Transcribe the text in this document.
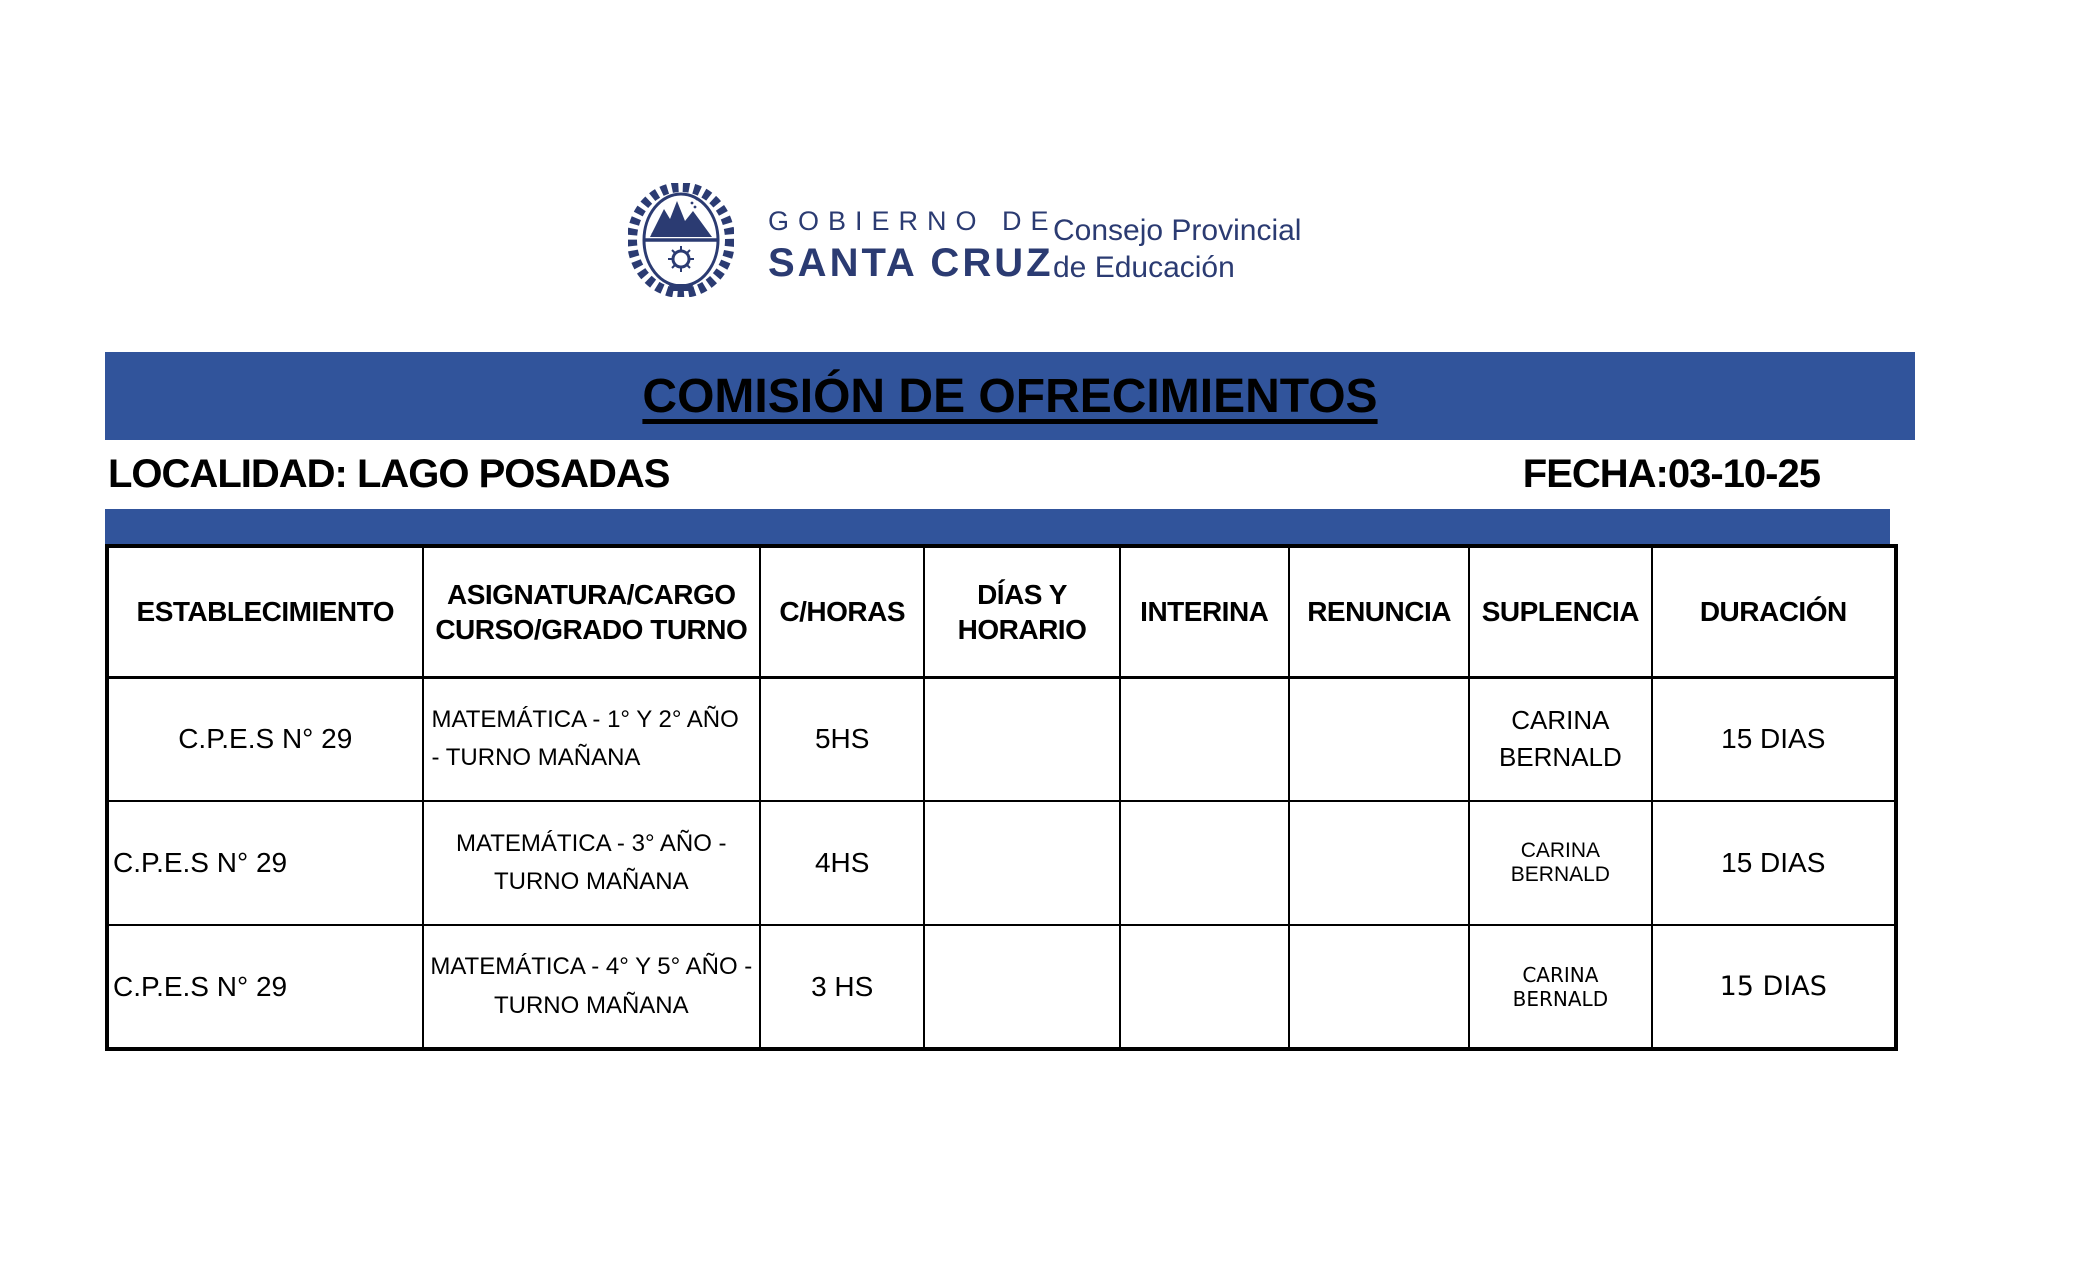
GOBIERNO DE
SANTA CRUZ
Consejo Provincial
de Educación
COMISIÓN DE OFRECIMIENTOS
LOCALIDAD: LAGO POSADAS	FECHA:03-10-25
ESTABLECIMIENTO	ASIGNATURA/CARGO CURSO/GRADO TURNO	C/HORAS	DÍAS Y HORARIO	INTERINA	RENUNCIA	SUPLENCIA	DURACIÓN
C.P.E.S N° 29	MATEMÁTICA - 1° Y 2° AÑO - TURNO MAÑANA	5HS				CARINA BERNALD	15 DIAS
C.P.E.S N° 29	MATEMÁTICA - 3° AÑO - TURNO MAÑANA	4HS				CARINA BERNALD	15 DIAS
C.P.E.S N° 29	MATEMÁTICA - 4° Y 5° AÑO - TURNO MAÑANA	3 HS				CARINA BERNALD	15 DIAS
